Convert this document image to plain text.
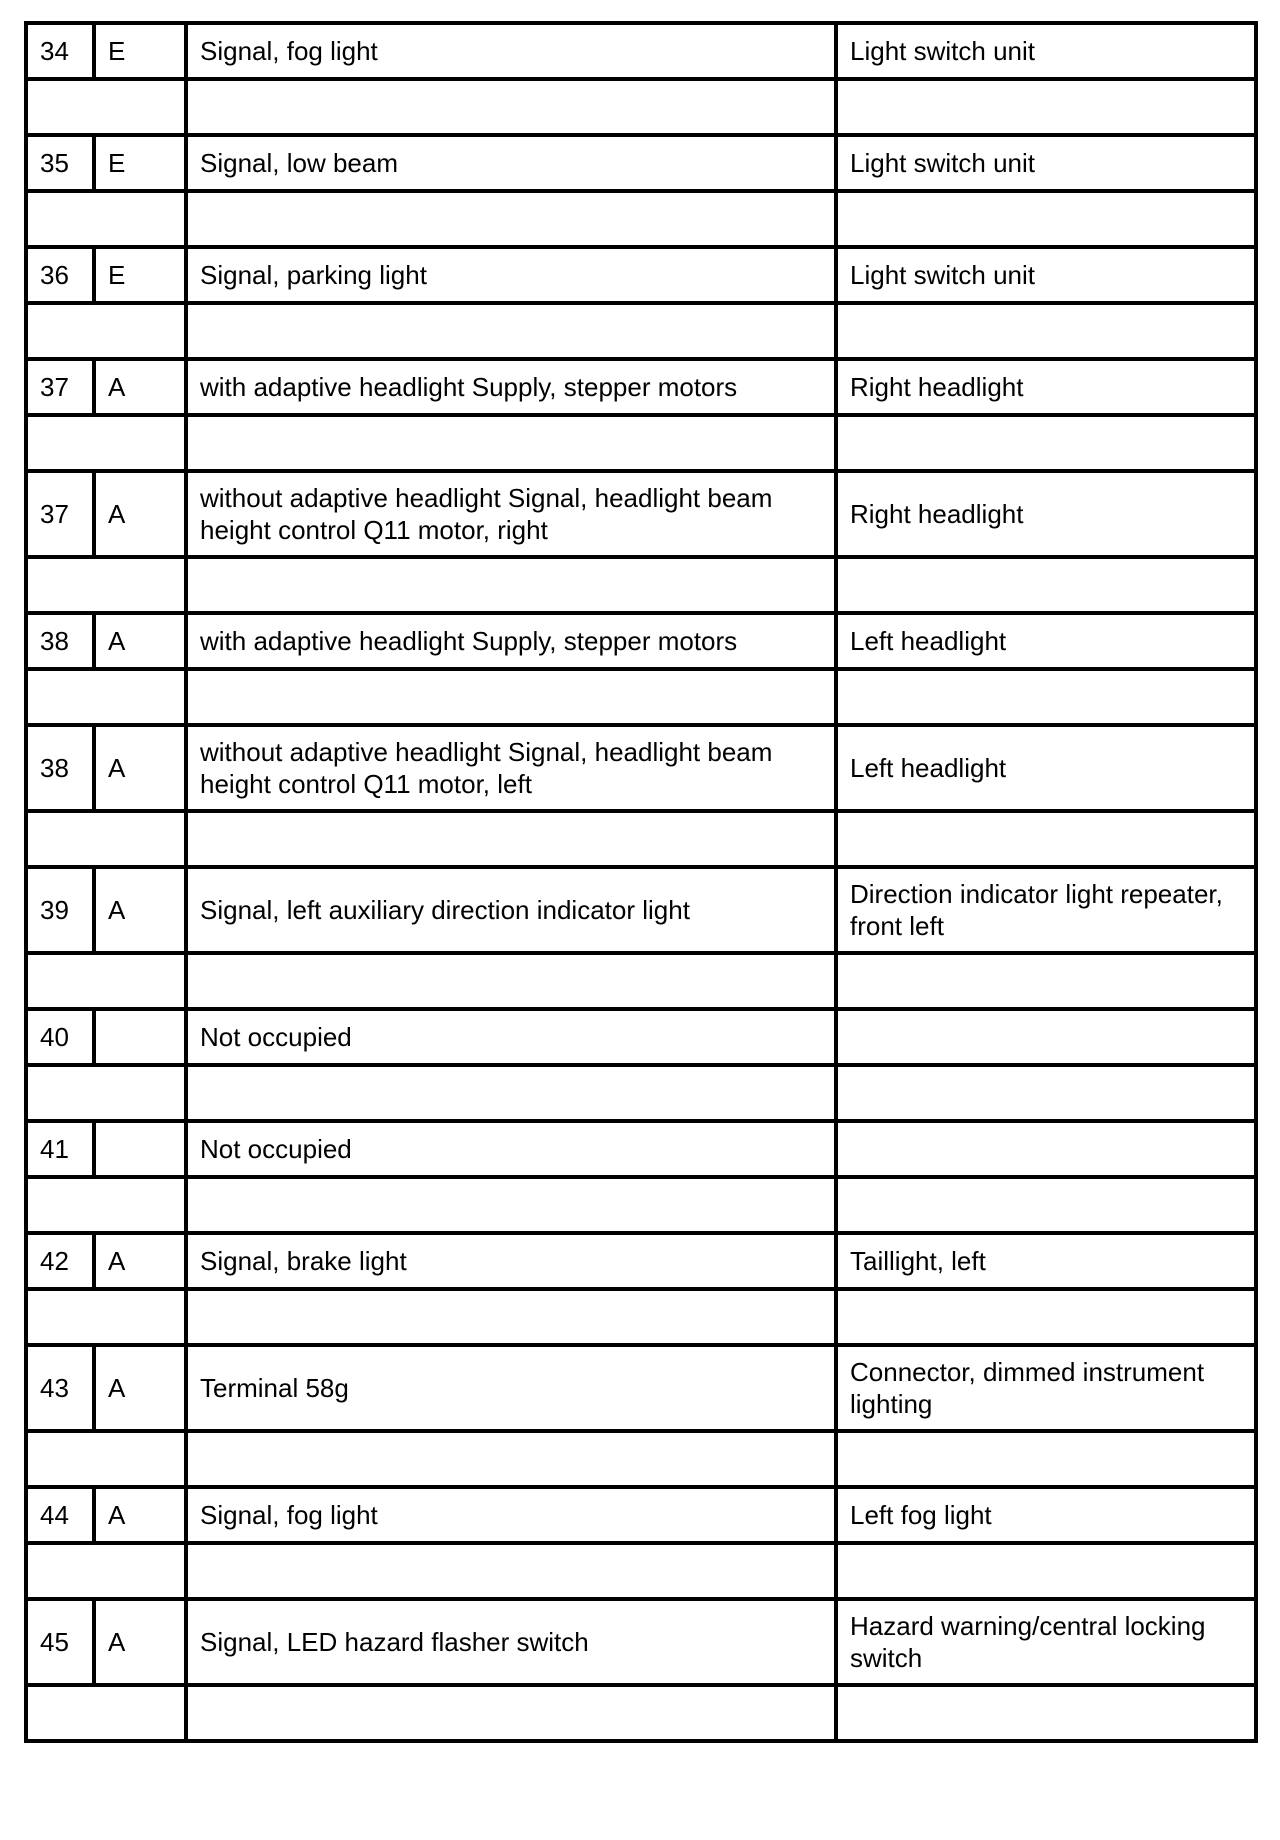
34	E	Signal, fog light	Light switch unit

35	E	Signal, low beam	Light switch unit

36	E	Signal, parking light	Light switch unit

37	A	with adaptive headlight Supply, stepper motors	Right headlight

37	A	without adaptive headlight Signal, headlight beam height control Q11 motor, right	Right headlight

38	A	with adaptive headlight Supply, stepper motors	Left headlight

38	A	without adaptive headlight Signal, headlight beam height control Q11 motor, left	Left headlight

39	A	Signal, left auxiliary direction indicator light	Direction indicator light repeater, front left

40		Not occupied	

41		Not occupied	

42	A	Signal, brake light	Taillight, left

43	A	Terminal 58g	Connector, dimmed instrument lighting

44	A	Signal, fog light	Left fog light

45	A	Signal, LED hazard flasher switch	Hazard warning/central locking switch
